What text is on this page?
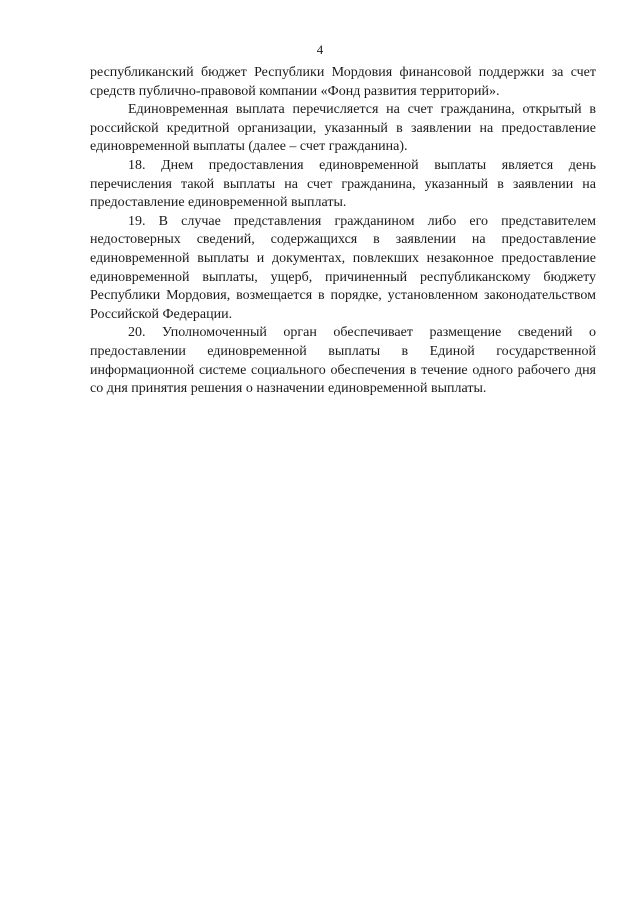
4

республиканский бюджет Республики Мордовия финансовой поддержки за счет средств публично-правовой компании «Фонд развития территорий».

Единовременная выплата перечисляется на счет гражданина, открытый в российской кредитной организации, указанный в заявлении на предоставление единовременной выплаты (далее – счет гражданина).

18. Днем предоставления единовременной выплаты является день перечисления такой выплаты на счет гражданина, указанный в заявлении на предоставление единовременной выплаты.

19. В случае представления гражданином либо его представителем недостоверных сведений, содержащихся в заявлении на предоставление единовременной выплаты и документах, повлекших незаконное предоставление единовременной выплаты, ущерб, причиненный республиканскому бюджету Республики Мордовия, возмещается в порядке, установленном законодательством Российской Федерации.

20. Уполномоченный орган обеспечивает размещение сведений о предоставлении единовременной выплаты в Единой государственной информационной системе социального обеспечения в течение одного рабочего дня со дня принятия решения о назначении единовременной выплаты.
